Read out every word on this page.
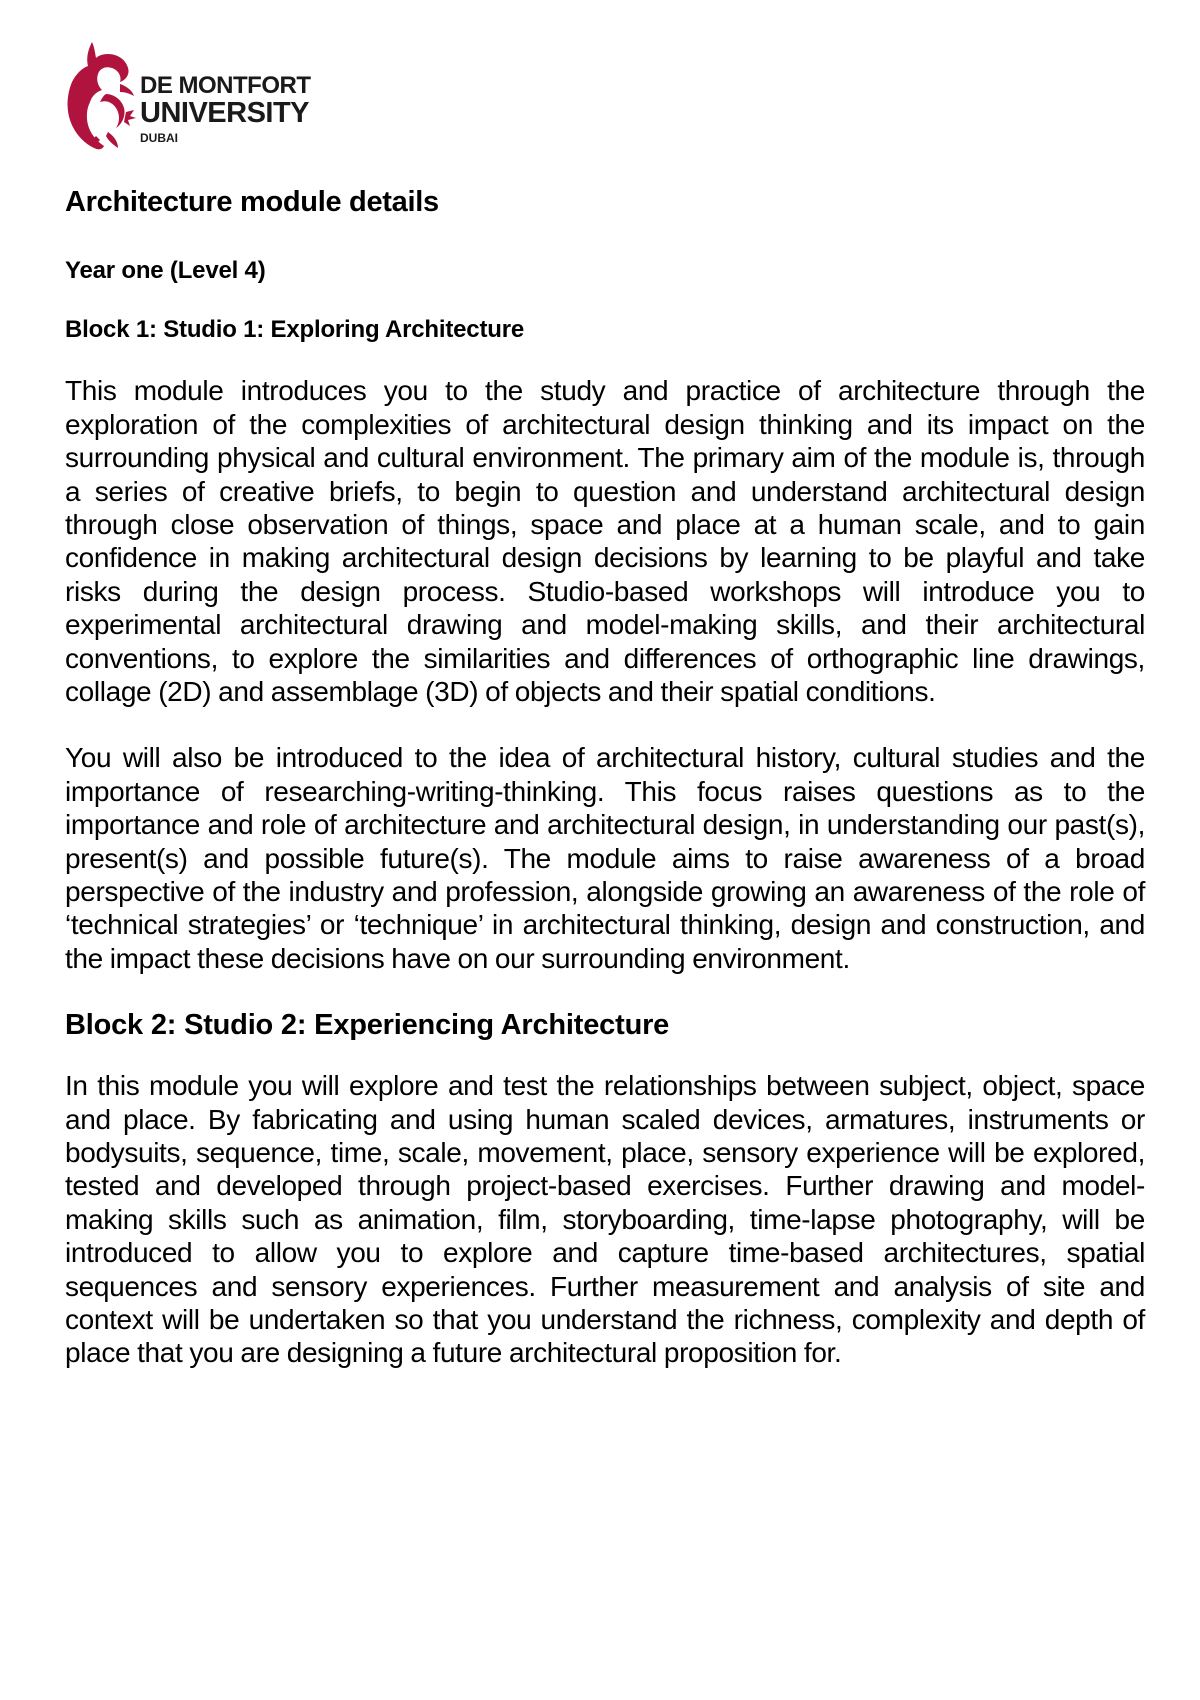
DE MONTFORT
UNIVERSITY
DUBAI
Architecture module details
Year one (Level 4)
Block 1: Studio 1: Exploring Architecture

This module introduces you to the study and practice of architecture through the exploration of the complexities of architectural design thinking and its impact on the surrounding physical and cultural environment. The primary aim of the module is, through a series of creative briefs, to begin to question and understand architectural design through close observation of things, space and place at a human scale, and to gain confidence in making architectural design decisions by learning to be playful and take risks during the design process. Studio-based workshops will introduce you to experimental architectural drawing and model-making skills, and their architectural conventions, to explore the similarities and differences of orthographic line drawings, collage (2D) and assemblage (3D) of objects and their spatial conditions.

You will also be introduced to the idea of architectural history, cultural studies and the importance of researching-writing-thinking. This focus raises questions as to the importance and role of architecture and architectural design, in understanding our past(s), present(s) and possible future(s). The module aims to raise awareness of a broad perspective of the industry and profession, alongside growing an awareness of the role of ‘technical strategies’ or ‘technique’ in architectural thinking, design and construction, and the impact these decisions have on our surrounding environment.

Block 2: Studio 2: Experiencing Architecture

In this module you will explore and test the relationships between subject, object, space and place. By fabricating and using human scaled devices, armatures, instruments or bodysuits, sequence, time, scale, movement, place, sensory experience will be explored, tested and developed through project-based exercises. Further drawing and model-making skills such as animation, film, storyboarding, time-lapse photography, will be introduced to allow you to explore and capture time-based architectures, spatial sequences and sensory experiences. Further measurement and analysis of site and context will be undertaken so that you understand the richness, complexity and depth of place that you are designing a future architectural proposition for.
